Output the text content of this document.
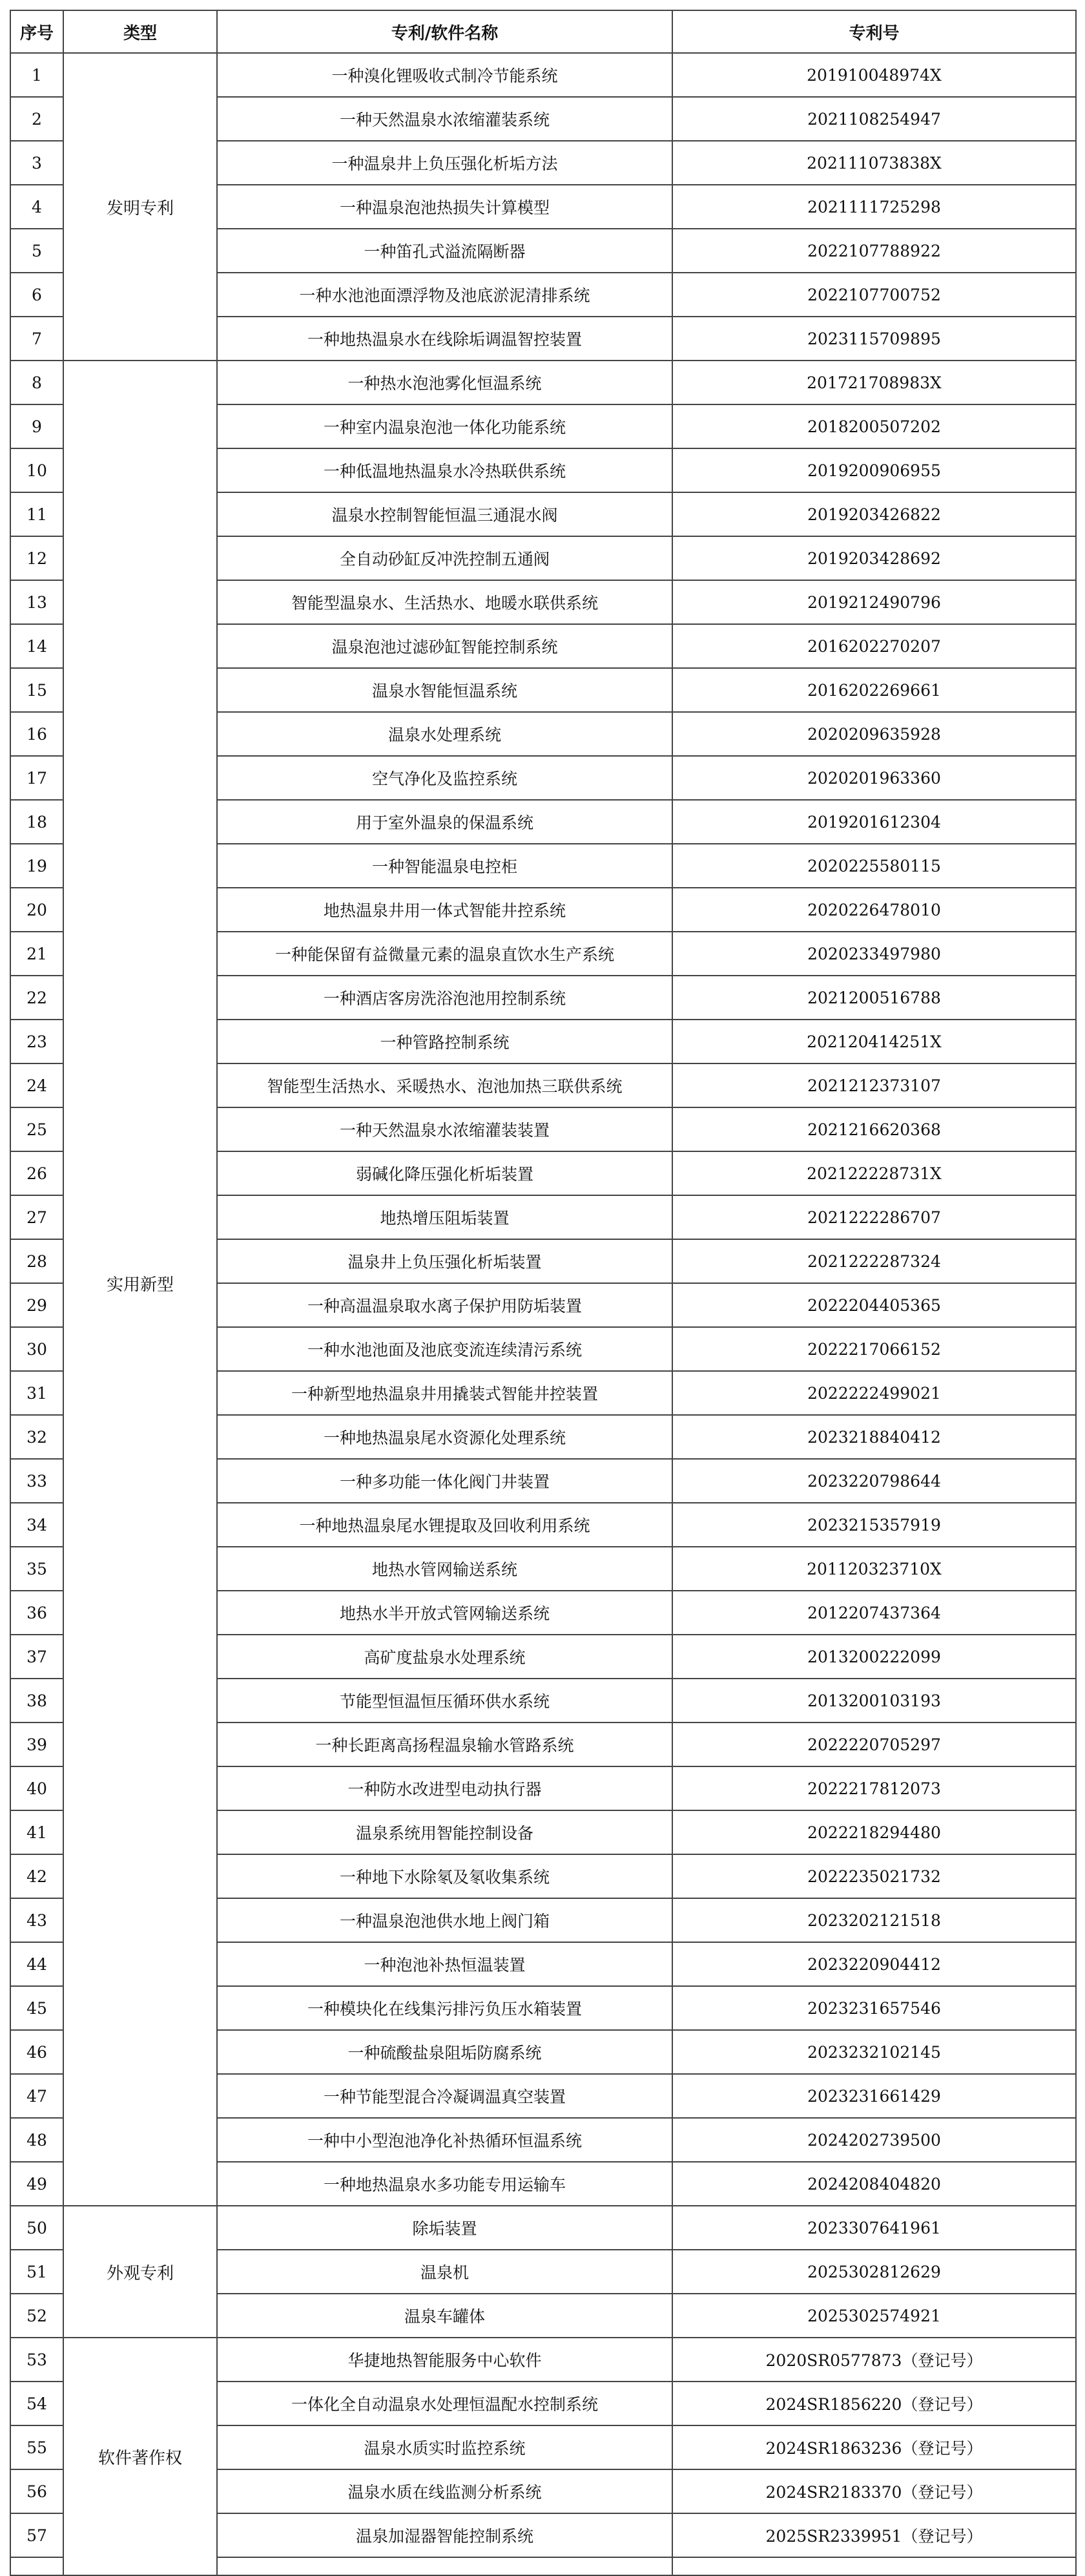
序号	类型	专利/软件名称	专利号
1	发明专利	一种溴化锂吸收式制冷节能系统	201910048974X
2		一种天然温泉水浓缩灌装系统	2021108254947
3		一种温泉井上负压强化析垢方法	202111073838X
4		一种温泉泡池热损失计算模型	2021111725298
5		一种笛孔式溢流隔断器	2022107788922
6		一种水池池面漂浮物及池底淤泥清排系统	2022107700752
7		一种地热温泉水在线除垢调温智控装置	2023115709895
8	实用新型	一种热水泡池雾化恒温系统	201721708983X
9		一种室内温泉泡池一体化功能系统	2018200507202
10		一种低温地热温泉水冷热联供系统	2019200906955
11		温泉水控制智能恒温三通混水阀	2019203426822
12		全自动砂缸反冲洗控制五通阀	2019203428692
13		智能型温泉水、生活热水、地暖水联供系统	2019212490796
14		温泉泡池过滤砂缸智能控制系统	2016202270207
15		温泉水智能恒温系统	2016202269661
16		温泉水处理系统	2020209635928
17		空气净化及监控系统	2020201963360
18		用于室外温泉的保温系统	2019201612304
19		一种智能温泉电控柜	2020225580115
20		地热温泉井用一体式智能井控系统	2020226478010
21		一种能保留有益微量元素的温泉直饮水生产系统	2020233497980
22		一种酒店客房洗浴泡池用控制系统	2021200516788
23		一种管路控制系统	202120414251X
24		智能型生活热水、采暖热水、泡池加热三联供系统	2021212373107
25		一种天然温泉水浓缩灌装装置	2021216620368
26		弱碱化降压强化析垢装置	202122228731X
27		地热增压阻垢装置	2021222286707
28		温泉井上负压强化析垢装置	2021222287324
29		一种高温温泉取水离子保护用防垢装置	2022204405365
30		一种水池池面及池底变流连续清污系统	2022217066152
31		一种新型地热温泉井用撬装式智能井控装置	2022222499021
32		一种地热温泉尾水资源化处理系统	2023218840412
33		一种多功能一体化阀门井装置	2023220798644
34		一种地热温泉尾水锂提取及回收利用系统	2023215357919
35		地热水管网输送系统	201120323710X
36		地热水半开放式管网输送系统	2012207437364
37		高矿度盐泉水处理系统	2013200222099
38		节能型恒温恒压循环供水系统	2013200103193
39		一种长距离高扬程温泉输水管路系统	2022220705297
40		一种防水改进型电动执行器	2022217812073
41		温泉系统用智能控制设备	2022218294480
42		一种地下水除氡及氡收集系统	2022235021732
43		一种温泉泡池供水地上阀门箱	2023202121518
44		一种泡池补热恒温装置	2023220904412
45		一种模块化在线集污排污负压水箱装置	2023231657546
46		一种硫酸盐泉阻垢防腐系统	2023232102145
47		一种节能型混合冷凝调温真空装置	2023231661429
48		一种中小型泡池净化补热循环恒温系统	2024202739500
49		一种地热温泉水多功能专用运输车	2024208404820
50	外观专利	除垢装置	2023307641961
51		温泉机	2025302812629
52		温泉车罐体	2025302574921
53	软件著作权	华捷地热智能服务中心软件	2020SR0577873（登记号）
54		一体化全自动温泉水处理恒温配水控制系统	2024SR1856220（登记号）
55		温泉水质实时监控系统	2024SR1863236（登记号）
56		温泉水质在线监测分析系统	2024SR2183370（登记号）
57		温泉加湿器智能控制系统	2025SR2339951（登记号）
